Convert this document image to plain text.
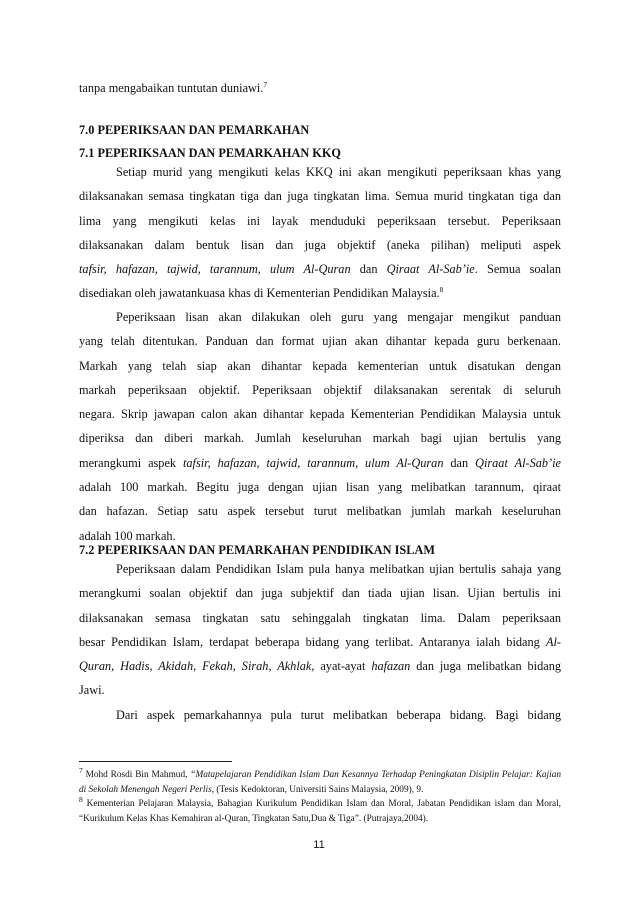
tanpa mengabaikan tuntutan duniawi.$^7$
7.0 PEPERIKSAAN DAN PEMARKAHAN
7.1 PEPERIKSAAN DAN PEMARKAHAN KKQ
Setiap murid yang mengikuti kelas KKQ ini akan mengikuti peperiksaan khas yang
dilaksanakan semasa tingkatan tiga dan juga tingkatan lima. Semua murid tingkatan tiga dan
lima yang mengikuti kelas ini layak menduduki peperiksaan tersebut. Peperiksaan
dilaksanakan dalam bentuk lisan dan juga objektif (aneka pilihan) meliputi aspek
tafsir, hafazan, tajwid, tarannum, ulum Al-Quran dan Qiraat Al-Sab’ie. Semua soalan
disediakan oleh jawatankuasa khas di Kementerian Pendidikan Malaysia.$^8$
Peperiksaan lisan akan dilakukan oleh guru yang mengajar mengikut panduan
yang telah ditentukan. Panduan dan format ujian akan dihantar kepada guru berkenaan.
Markah yang telah siap akan dihantar kepada kementerian untuk disatukan dengan
markah peperiksaan objektif. Peperiksaan objektif dilaksanakan serentak di seluruh
negara. Skrip jawapan calon akan dihantar kepada Kementerian Pendidikan Malaysia untuk
diperiksa dan diberi markah. Jumlah keseluruhan markah bagi ujian bertulis yang
merangkumi aspek tafsir, hafazan, tajwid, tarannum, ulum Al-Quran dan Qiraat Al-Sab’ie
adalah 100 markah. Begitu juga dengan ujian lisan yang melibatkan tarannum, qiraat
dan hafazan. Setiap satu aspek tersebut turut melibatkan jumlah markah keseluruhan
adalah 100 markah.
7.2 PEPERIKSAAN DAN PEMARKAHAN PENDIDIKAN ISLAM
Peperiksaan dalam Pendidikan Islam pula hanya melibatkan ujian bertulis sahaja yang
merangkumi soalan objektif dan juga subjektif dan tiada ujian lisan. Ujian bertulis ini
dilaksanakan semasa tingkatan satu sehinggalah tingkatan lima. Dalam peperiksaan
besar Pendidikan Islam, terdapat beberapa bidang yang terlibat. Antaranya ialah bidang Al-
Quran, Hadis, Akidah, Fekah, Sirah, Akhlak, ayat-ayat hafazan dan juga melibatkan bidang
Jawi.
Dari aspek pemarkahannya pula turut melibatkan beberapa bidang. Bagi bidang
$^7$ Mohd Rosdi Bin Mahmud, “Matapelajaran Pendidikan Islam Dan Kesannya Terhadap Peningkatan Disiplin Pelajar: Kajian di Sekolah Menengah Negeri Perlis, (Tesis Kedoktoran, Universiti Sains Malaysia, 2009), 9.
$^8$ Kementerian Pelajaran Malaysia, Bahagian Kurikulum Pendidikan Islam dan Moral, Jabatan Pendidikan islam dan Moral, “Kurikulum Kelas Khas Kemahiran al-Quran, Tingkatan Satu,Dua & Tiga”. (Putrajaya,2004).
11
